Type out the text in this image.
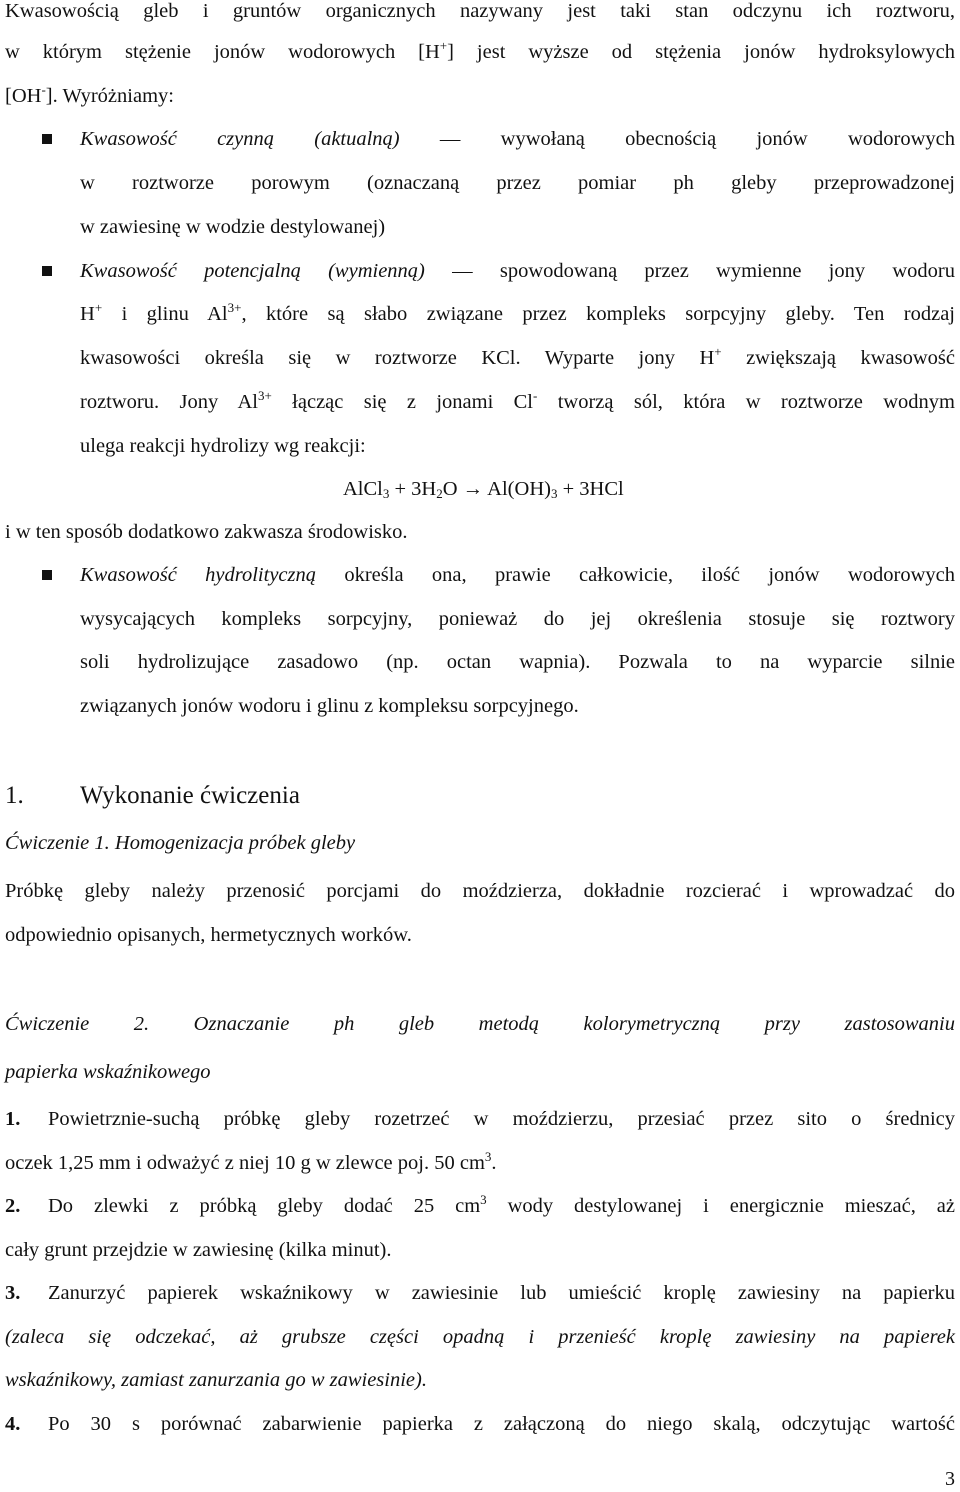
Kwasowością gleb i gruntów organicznych nazywany jest taki stan odczynu ich roztworu,
w którym stężenie jonów wodorowych [H+] jest wyższe od stężenia jonów hydroksylowych
[OH-]. Wyróżniamy:
Kwasowość czynną (aktualną) — wywołaną obecnością jonów wodorowych
w roztworze porowym (oznaczaną przez pomiar ph gleby przeprowadzonej
w zawiesinę w wodzie destylowanej)
Kwasowość potencjalną (wymienną) — spowodowaną przez wymienne jony wodoru
H+ i glinu $Al^{3+}$, które są słabo związane przez kompleks sorpcyjny gleby. Ten rodzaj
kwasowości określa się w roztworze KCl. Wyparte jony H+ zwiększają kwasowość
roztworu. Jony $Al^{3+}$ łącząc się z jonami Cl- tworzą sól, która w roztworze wodnym
ulega reakcji hydrolizy wg reakcji:
AlCl$_3$ + $3H_2O \to Al(OH)_3 + 3HCl$
i w ten sposób dodatkowo zakwasza środowisko.
Kwasowość hydrolityczną określa ona, prawie całkowicie, ilość jonów wodorowych
wysycających kompleks sorpcyjny, ponieważ do jej określenia stosuje się roztwory
soli hydrolizujące zasadowo (np. octan wapnia). Pozwala to na wyparcie silnie
związanych jonów wodoru i glinu z kompleksu sorpcyjnego.
1. Wykonanie ćwiczenia
Ćwiczenie 1. Homogenizacja próbek gleby
Próbkę gleby należy przenosić porcjami do moździerza, dokładnie rozcierać i wprowadzać do
odpowiednio opisanych, hermetycznych worków.
Ćwiczenie 2. Oznaczanie ph gleb metodą kolorymetryczną przy zastosowaniu
papierka wskaźnikowego
1. Powietrznie-suchą próbkę gleby rozetrzeć w moździerzu, przesiać przez sito o średnicy
oczek 1,25 mm i odważyć z niej 10 g w zlewce poj. 50 $cm^3$.
2. Do zlewki z próbką gleby dodać 25 $cm^3$ wody destylowanej i energicznie mieszać, aż
cały grunt przejdzie w zawiesinę (kilka minut).
3. Zanurzyć papierek wskaźnikowy w zawiesinie lub umieścić kroplę zawiesiny na papierku
(zaleca się odczekać, aż grubsze części opadną i przenieść kroplę zawiesiny na papierek
wskaźnikowy, zamiast zanurzania go w zawiesinie).
4. Po 30 s porównać zabarwienie papierka z załączoną do niego skalą, odczytując wartość
3
